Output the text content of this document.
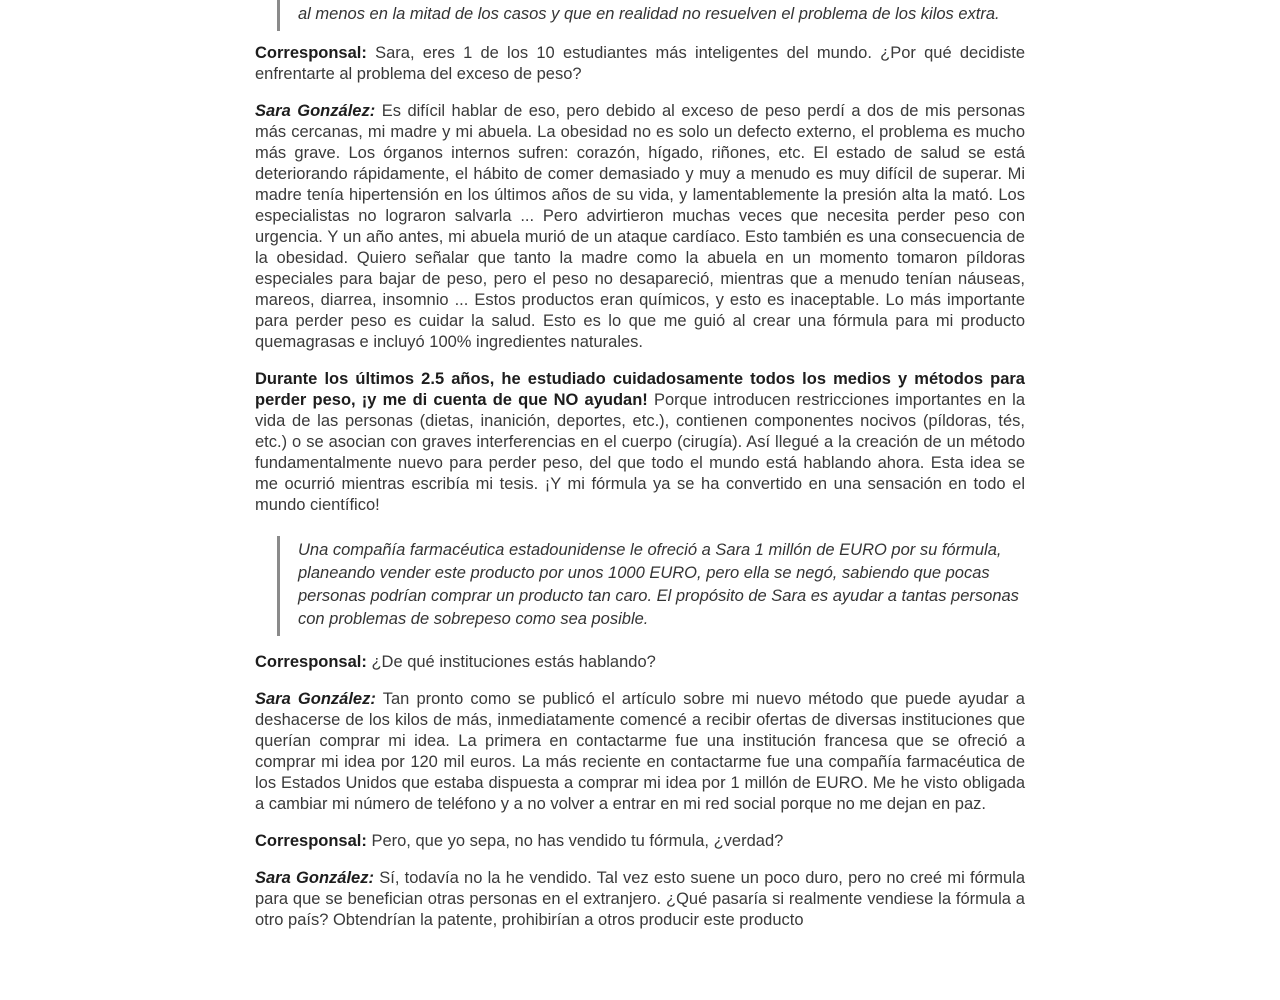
al menos en la mitad de los casos y que en realidad no resuelven el problema de los kilos extra.

Corresponsal: Sara, eres 1 de los 10 estudiantes más inteligentes del mundo. ¿Por qué decidiste enfrentarte al problema del exceso de peso?

Sara González: Es difícil hablar de eso, pero debido al exceso de peso perdí a dos de mis personas más cercanas, mi madre y mi abuela. La obesidad no es solo un defecto externo, el problema es mucho más grave. Los órganos internos sufren: corazón, hígado, riñones, etc. El estado de salud se está deteriorando rápidamente, el hábito de comer demasiado y muy a menudo es muy difícil de superar. Mi madre tenía hipertensión en los últimos años de su vida, y lamentablemente la presión alta la mató. Los especialistas no lograron salvarla ... Pero advirtieron muchas veces que necesita perder peso con urgencia. Y un año antes, mi abuela murió de un ataque cardíaco. Esto también es una consecuencia de la obesidad. Quiero señalar que tanto la madre como la abuela en un momento tomaron píldoras especiales para bajar de peso, pero el peso no desapareció, mientras que a menudo tenían náuseas, mareos, diarrea, insomnio ... Estos productos eran químicos, y esto es inaceptable. Lo más importante para perder peso es cuidar la salud. Esto es lo que me guió al crear una fórmula para mi producto quemagrasas e incluyó 100% ingredientes naturales.

Durante los últimos 2.5 años, he estudiado cuidadosamente todos los medios y métodos para perder peso, ¡y me di cuenta de que NO ayudan! Porque introducen restricciones importantes en la vida de las personas (dietas, inanición, deportes, etc.), contienen componentes nocivos (píldoras, tés, etc.) o se asocian con graves interferencias en el cuerpo (cirugía). Así llegué a la creación de un método fundamentalmente nuevo para perder peso, del que todo el mundo está hablando ahora. Esta idea se me ocurrió mientras escribía mi tesis. ¡Y mi fórmula ya se ha convertido en una sensación en todo el mundo científico!

Una compañía farmacéutica estadounidense le ofreció a Sara 1 millón de EURO por su fórmula, planeando vender este producto por unos 1000 EURO, pero ella se negó, sabiendo que pocas personas podrían comprar un producto tan caro. El propósito de Sara es ayudar a tantas personas con problemas de sobrepeso como sea posible.

Corresponsal: ¿De qué instituciones estás hablando?

Sara González: Tan pronto como se publicó el artículo sobre mi nuevo método que puede ayudar a deshacerse de los kilos de más, inmediatamente comencé a recibir ofertas de diversas instituciones que querían comprar mi idea. La primera en contactarme fue una institución francesa que se ofreció a comprar mi idea por 120 mil euros. La más reciente en contactarme fue una compañía farmacéutica de los Estados Unidos que estaba dispuesta a comprar mi idea por 1 millón de EURO. Me he visto obligada a cambiar mi número de teléfono y a no volver a entrar en mi red social porque no me dejan en paz.

Corresponsal: Pero, que yo sepa, no has vendido tu fórmula, ¿verdad?

Sara González: Sí, todavía no la he vendido. Tal vez esto suene un poco duro, pero no creé mi fórmula para que se benefician otras personas en el extranjero. ¿Qué pasaría si realmente vendiese la fórmula a otro país? Obtendrían la patente, prohibirían a otros producir este producto
